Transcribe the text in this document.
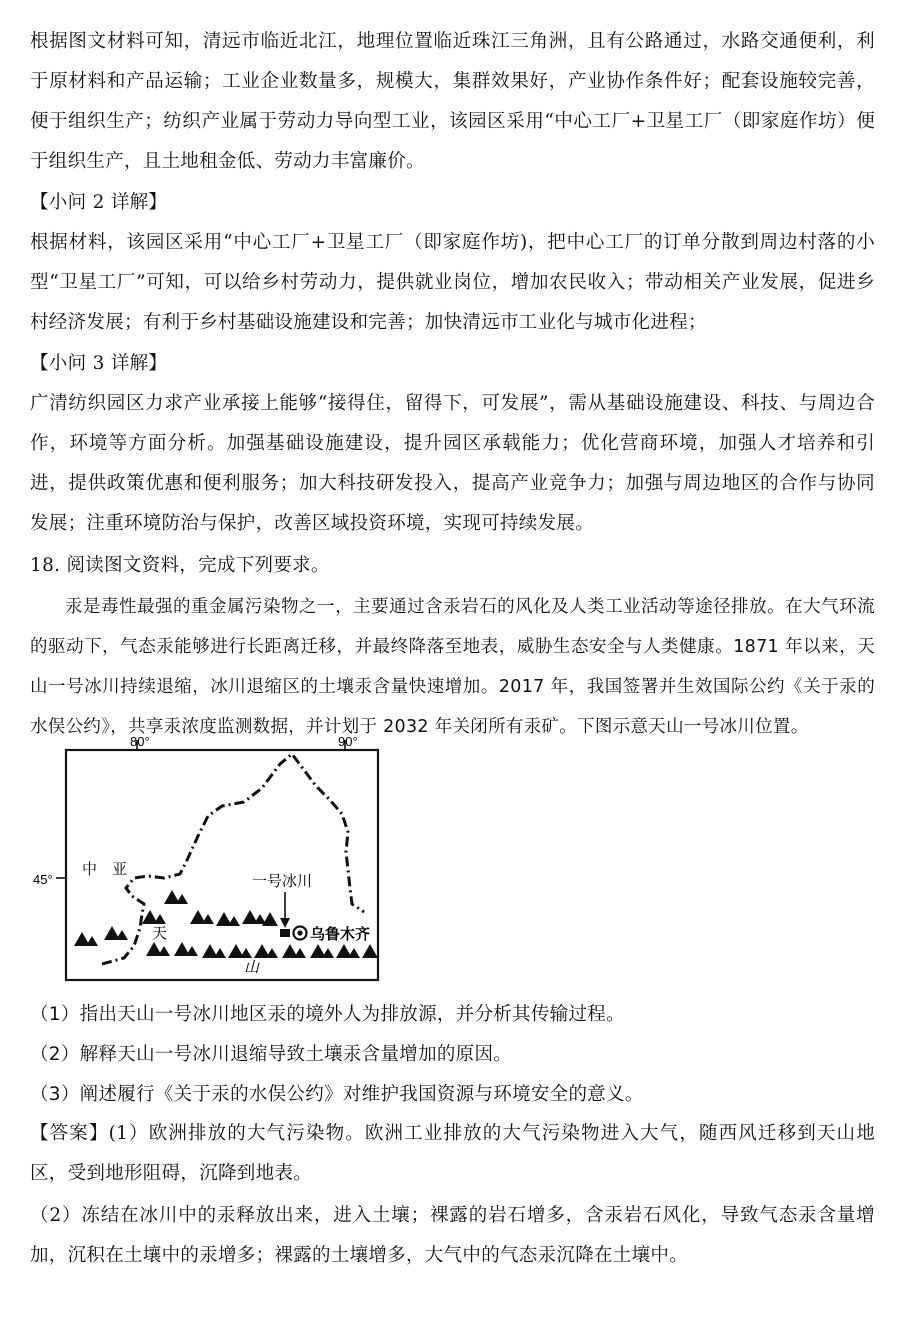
根据图文材料可知，清远市临近北江，地理位置临近珠江三角洲，且有公路通过，水路交通便利，利于原材料和产品运输；工业企业数量多，规模大，集群效果好，产业协作条件好；配套设施较完善，便于组织生产；纺织产业属于劳动力导向型工业，该园区采用“中心工厂+卫星工厂（即家庭作坊）便于组织生产，且土地租金低、劳动力丰富廉价。

【小问 2 详解】

根据材料，该园区采用“中心工厂+卫星工厂（即家庭作坊)，把中心工厂的订单分散到周边村落的小型“卫星工厂”可知，可以给乡村劳动力，提供就业岗位，增加农民收入；带动相关产业发展，促进乡村经济发展；有利于乡村基础设施建设和完善；加快清远市工业化与城市化进程；

【小问 3 详解】

广清纺织园区力求产业承接上能够“接得住，留得下，可发展”，需从基础设施建设、科技、与周边合作，环境等方面分析。加强基础设施建设，提升园区承载能力；优化营商环境，加强人才培养和引进，提供政策优惠和便利服务；加大科技研发投入，提高产业竞争力；加强与周边地区的合作与协同发展；注重环境防治与保护，改善区域投资环境，实现可持续发展。

18. 阅读图文资料，完成下列要求。

汞是毒性最强的重金属污染物之一，主要通过含汞岩石的风化及人类工业活动等途径排放。在大气环流的驱动下，气态汞能够进行长距离迁移，并最终降落至地表，威胁生态安全与人类健康。1871 年以来，天山一号冰川持续退缩，冰川退缩区的土壤汞含量快速增加。2017 年，我国签署并生效国际公约《关于汞的水俣公约》，共享汞浓度监测数据，并计划于 2032 年关闭所有汞矿。下图示意天山一号冰川位置。

80°	90°
45°
中　亚
一号冰川
天
山
乌鲁木齐

（1）指出天山一号冰川地区汞的境外人为排放源，并分析其传输过程。

（2）解释天山一号冰川退缩导致土壤汞含量增加的原因。

（3）阐述履行《关于汞的水俣公约》对维护我国资源与环境安全的意义。

【答案】(1）欧洲排放的大气污染物。欧洲工业排放的大气污染物进入大气，随西风迁移到天山地区，受到地形阻碍，沉降到地表。

（2）冻结在冰川中的汞释放出来，进入土壤；裸露的岩石增多，含汞岩石风化，导致气态汞含量增加，沉积在土壤中的汞增多；裸露的土壤增多，大气中的气态汞沉降在土壤中。
